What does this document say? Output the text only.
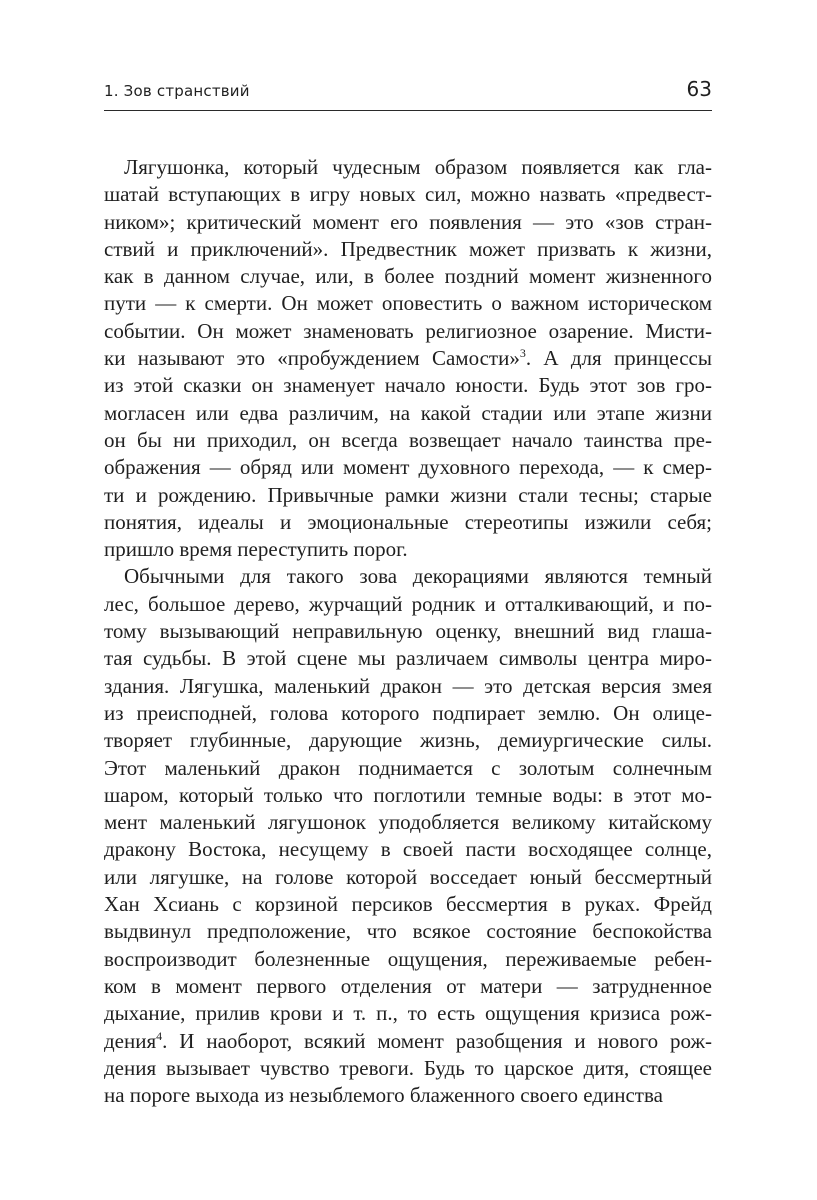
1. Зов странствий	63
Лягушонка, который чудесным образом появляется как гла-
шатай вступающих в игру новых сил, можно назвать «предвест-
ником»; критический момент его появления — это «зов стран-
ствий и приключений». Предвестник может призвать к жизни,
как в данном случае, или, в более поздний момент жизненного
пути — к смерти. Он может оповестить о важном историческом
событии. Он может знаменовать религиозное озарение. Мисти-
ки называют это «пробуждением Самости»$^3$. А для принцессы
из этой сказки он знаменует начало юности. Будь этот зов гро-
могласен или едва различим, на какой стадии или этапе жизни
он бы ни приходил, он всегда возвещает начало таинства пре-
ображения — обряд или момент духовного перехода, — к смер-
ти и рождению. Привычные рамки жизни стали тесны; старые
понятия, идеалы и эмоциональные стереотипы изжили себя;
пришло время переступить порог.
Обычными для такого зова декорациями являются темный
лес, большое дерево, журчащий родник и отталкивающий, и по-
тому вызывающий неправильную оценку, внешний вид глаша-
тая судьбы. В этой сцене мы различаем символы центра миро-
здания. Лягушка, маленький дракон — это детская версия змея
из преисподней, голова которого подпирает землю. Он олице-
творяет глубинные, дарующие жизнь, демиургические силы.
Этот маленький дракон поднимается с золотым солнечным
шаром, который только что поглотили темные воды: в этот мо-
мент маленький лягушонок уподобляется великому китайскому
дракону Востока, несущему в своей пасти восходящее солнце,
или лягушке, на голове которой восседает юный бессмертный
Хан Хсиань с корзиной персиков бессмертия в руках. Фрейд
выдвинул предположение, что всякое состояние беспокойства
воспроизводит болезненные ощущения, переживаемые ребен-
ком в момент первого отделения от матери — затрудненное
дыхание, прилив крови и т. п., то есть ощущения кризиса рож-
дения$^4$. И наоборот, всякий момент разобщения и нового рож-
дения вызывает чувство тревоги. Будь то царское дитя, стоящее
на пороге выхода из незыблемого блаженного своего единства
